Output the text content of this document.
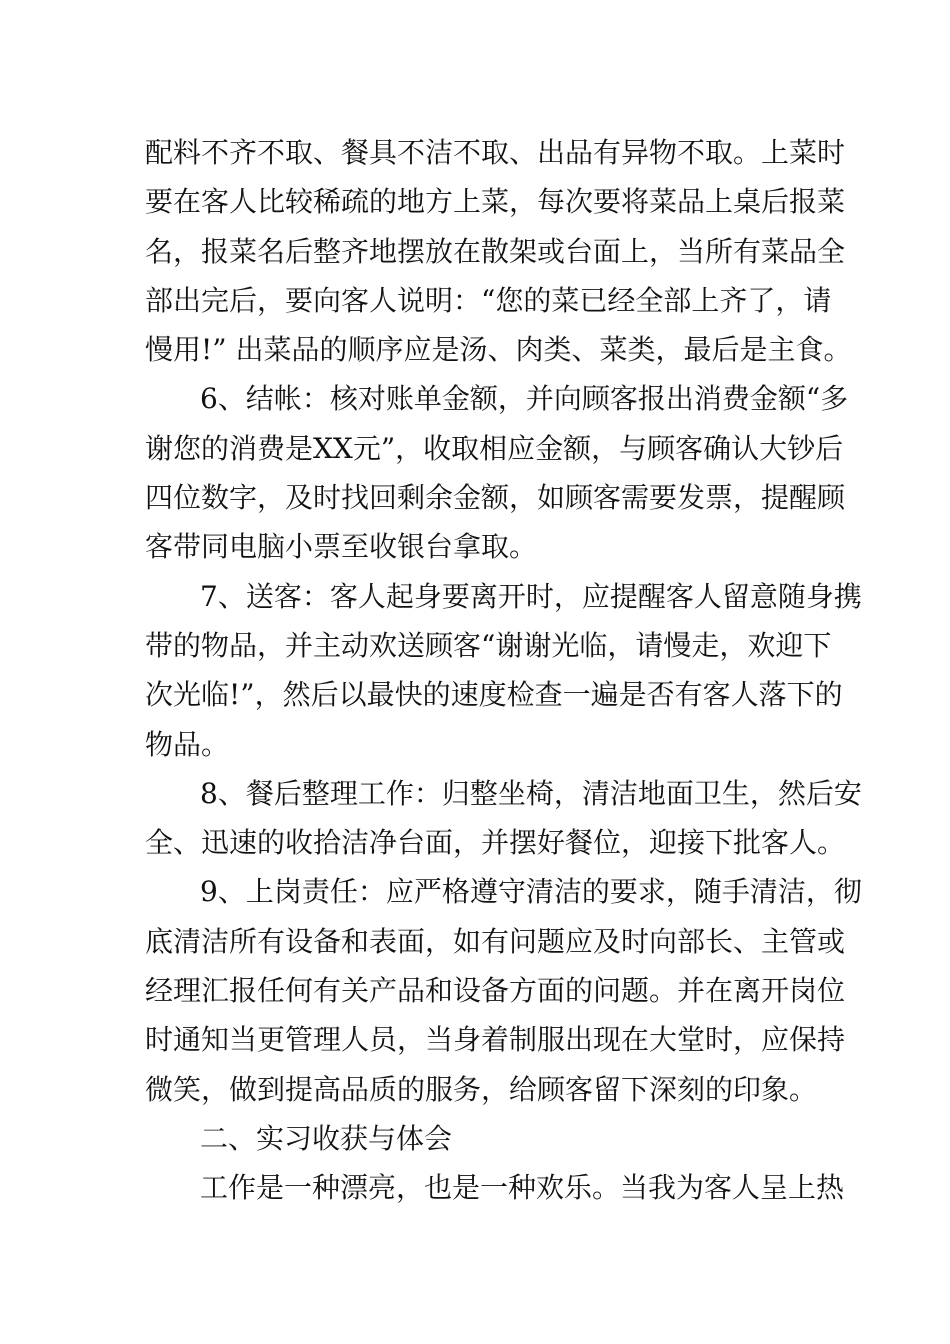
配料不齐不取、餐具不洁不取、出品有异物不取。上菜时
要在客人比较稀疏的地方上菜，每次要将菜品上桌后报菜
名，报菜名后整齐地摆放在散架或台面上，当所有菜品全
部出完后，要向客人说明：“您的菜已经全部上齐了，请
慢用!” 出菜品的顺序应是汤、肉类、菜类，最后是主食。
6、结帐：核对账单金额，并向顾客报出消费金额“多
谢您的消费是XX元”，收取相应金额，与顾客确认大钞后
四位数字，及时找回剩余金额，如顾客需要发票，提醒顾
客带同电脑小票至收银台拿取。
7、送客：客人起身要离开时，应提醒客人留意随身携
带的物品，并主动欢送顾客“谢谢光临，请慢走，欢迎下
次光临!”，然后以最快的速度检查一遍是否有客人落下的
物品。
8、餐后整理工作：归整坐椅，清洁地面卫生，然后安
全、迅速的收拾洁净台面，并摆好餐位，迎接下批客人。
9、上岗责任：应严格遵守清洁的要求，随手清洁，彻
底清洁所有设备和表面，如有问题应及时向部长、主管或
经理汇报任何有关产品和设备方面的问题。并在离开岗位
时通知当更管理人员，当身着制服出现在大堂时，应保持
微笑，做到提高品质的服务，给顾客留下深刻的印象。
二、实习收获与体会
工作是一种漂亮，也是一种欢乐。当我为客人呈上热
